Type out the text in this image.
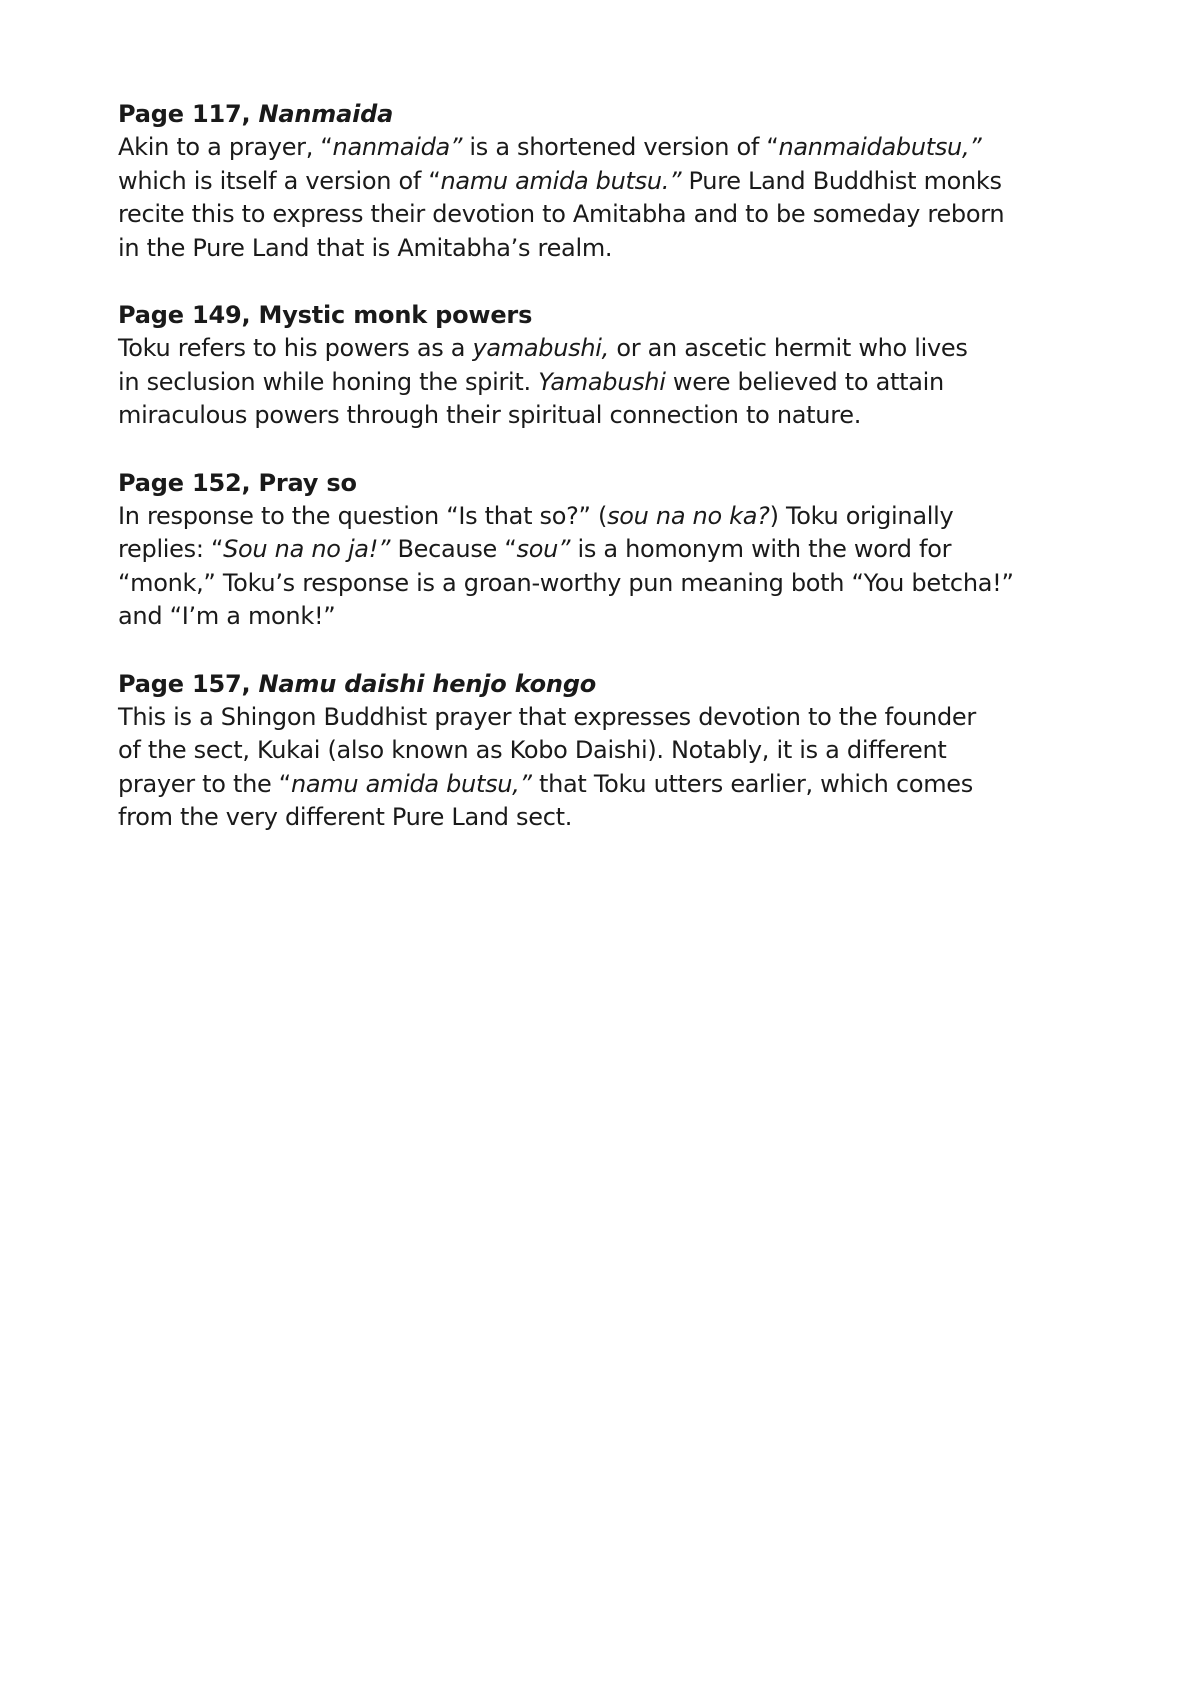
Page 117, Nanmaida

Akin to a prayer, “nanmaida” is a shortened version of “nanmaidabutsu,”
which is itself a version of “namu amida butsu.” Pure Land Buddhist monks
recite this to express their devotion to Amitabha and to be someday reborn
in the Pure Land that is Amitabha’s realm.

Page 149, Mystic monk powers

Toku refers to his powers as a yamabushi, or an ascetic hermit who lives
in seclusion while honing the spirit. Yamabushi were believed to attain
miraculous powers through their spiritual connection to nature.

Page 152, Pray so

In response to the question “Is that so?” (sou na no ka?) Toku originally
replies: “Sou na no ja!” Because “sou” is a homonym with the word for
“monk,” Toku’s response is a groan-worthy pun meaning both “You betcha!”
and “I’m a monk!”

Page 157, Namu daishi henjo kongo

This is a Shingon Buddhist prayer that expresses devotion to the founder
of the sect, Kukai (also known as Kobo Daishi). Notably, it is a different
prayer to the “namu amida butsu,” that Toku utters earlier, which comes
from the very different Pure Land sect.
